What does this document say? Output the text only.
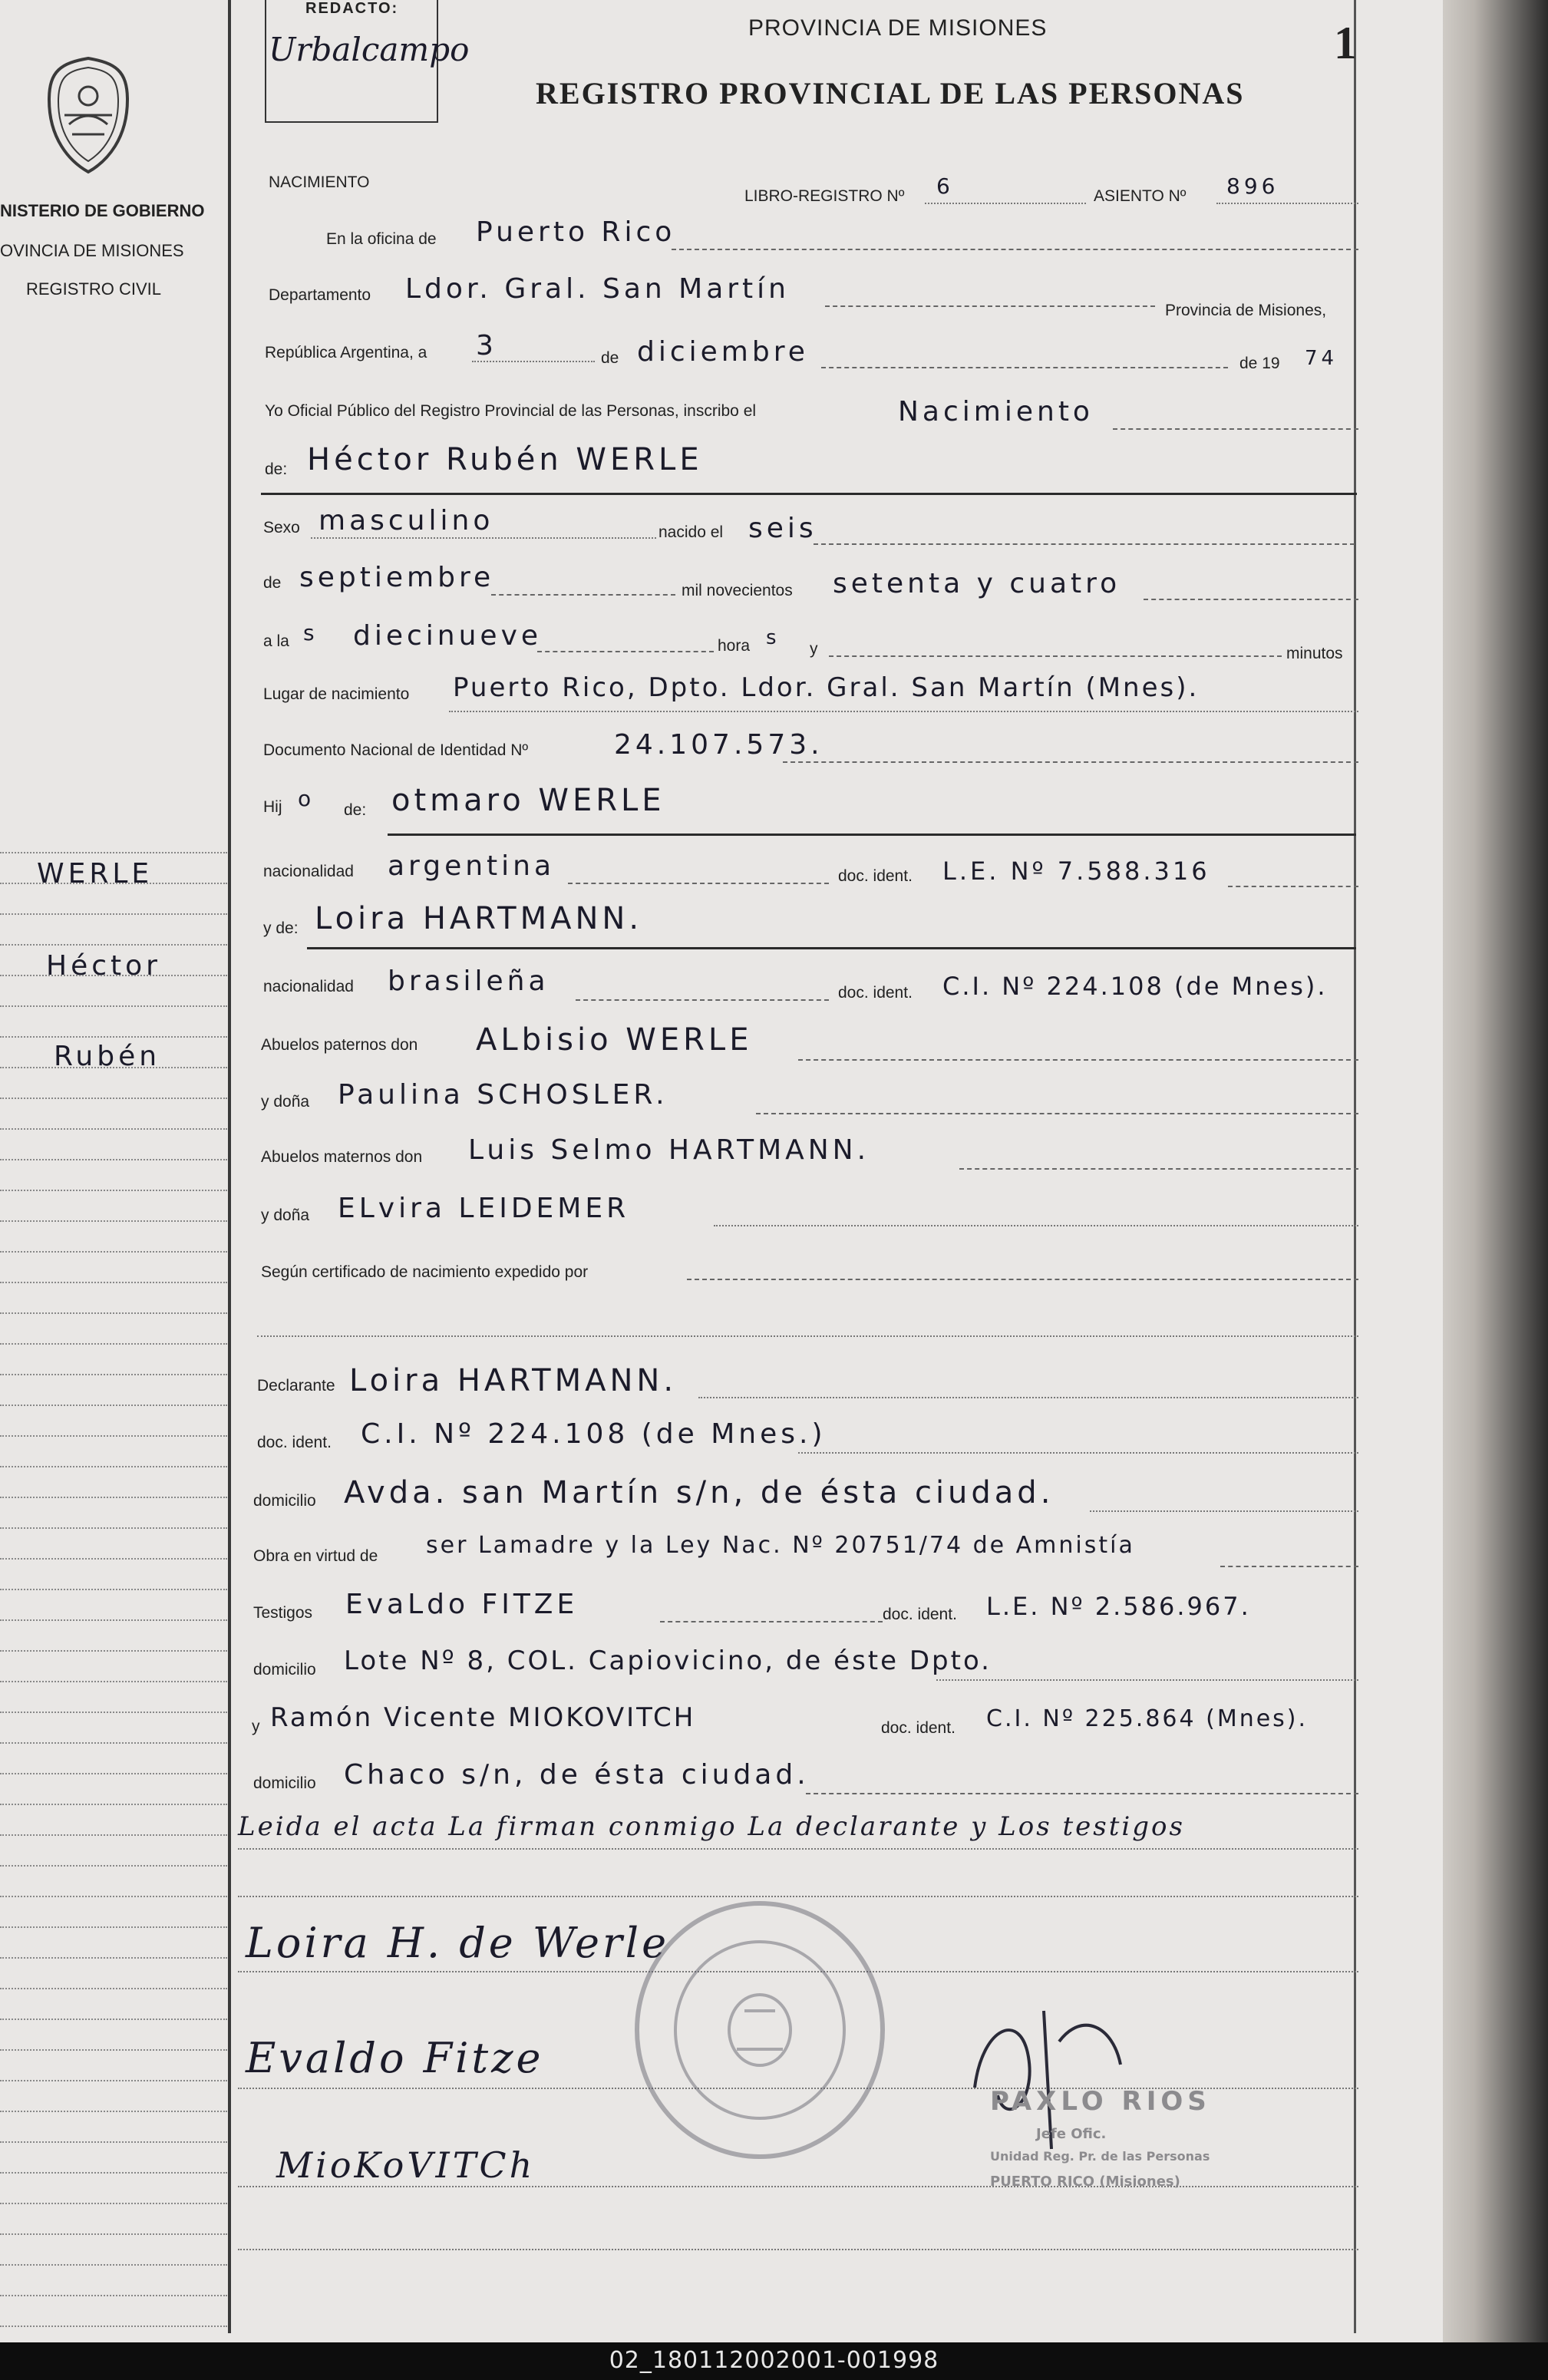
NISTERIO DE GOBIERNO
OVINCIA DE MISIONES
REGISTRO CIVIL
WERLE
Héctor
Rubén
REDACTO:
Urbalcampo
PROVINCIA DE MISIONES
REGISTRO PROVINCIAL DE LAS PERSONAS
1
NACIMIENTO
LIBRO-REGISTRO Nº 6	ASIENTO Nº 896
En la oficina de Puerto Rico
Departamento Ldor. Gral. San Martín
Provincia de Misiones,
República Argentina, a 3	de diciembre	de 19 74
Yo Oficial Público del Registro Provincial de las Personas, inscribo el	Nacimiento
de: Héctor Rubén WERLE
Sexo masculino	nacido el seis
de septiembre	mil novecientos setenta y cuatro
a la s diecinueve	hora s y	minutos
Lugar de nacimiento Puerto Rico, Dpto. Ldor. Gral. San Martín (Mnes).
Documento Nacional de Identidad Nº	24.107.573.
Hij o de: otmaro WERLE
nacionalidad argentina	doc. ident. L.E. Nº 7.588.316
y de: Loira HARTMANN.
nacionalidad brasileña	doc. ident. C.I. Nº 224.108 (de Mnes).
Abuelos paternos don ALbisio WERLE
y doña Paulina SCHOSLER.
Abuelos maternos don Luis Selmo HARTMANN.
y doña ELvira LEIDEMER
Según certificado de nacimiento expedido por
Declarante Loira HARTMANN.
doc. ident. C.I. Nº 224.108 (de Mnes.)
domicilio Avda. san Martín s/n, de ésta ciudad.
Obra en virtud de ser Lamadre y la Ley Nac. Nº 20751/74 de Amnistía
Testigos EvaLdo FITZE	doc. ident. L.E. Nº 2.586.967.
domicilio Lote Nº 8, COL. Capiovicino, de éste Dpto.
y Ramón Vicente MIOKOVITCH	doc. ident. C.I. Nº 225.864 (Mnes).
domicilio Chaco s/n, de ésta ciudad.
Leida el acta La firman conmigo La declarante y Los testigos
Loira H. de Werle
Evaldo Fitze
MioKoVITCh
PAXLO RIOS
Jefe Ofic.
Unidad Reg. Pr. de las Personas
PUERTO RICO (Misiones)
02_180112002001-001998
